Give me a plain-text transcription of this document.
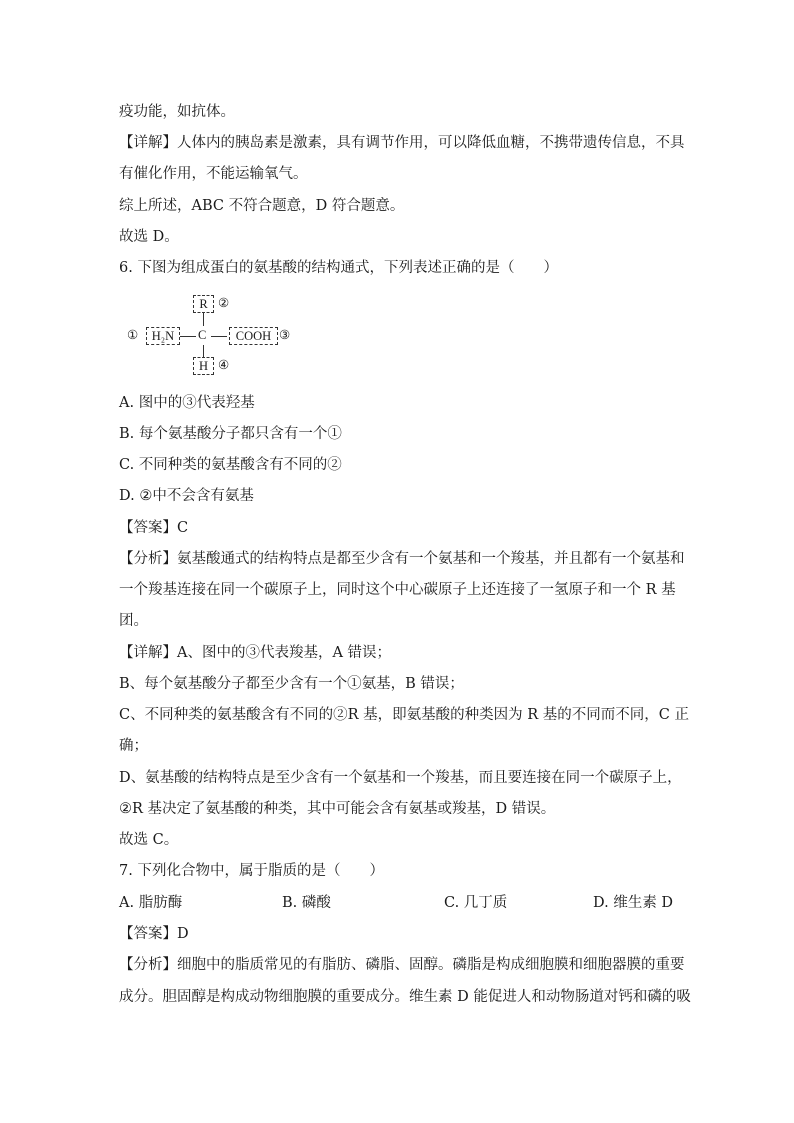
疫功能，如抗体。
【详解】人体内的胰岛素是激素，具有调节作用，可以降低血糖，不携带遗传信息，不具
有催化作用，不能运输氧气。
综上所述，ABC 不符合题意，D 符合题意。
故选 D。
6. 下图为组成蛋白的氨基酸的结构通式，下列表述正确的是（　　）
R ②
①	H₂N	C	COOH ③
H ④
A. 图中的③代表羟基
B. 每个氨基酸分子都只含有一个①
C. 不同种类的氨基酸含有不同的②
D. ②中不会含有氨基
【答案】C
【分析】氨基酸通式的结构特点是都至少含有一个氨基和一个羧基，并且都有一个氨基和
一个羧基连接在同一个碳原子上，同时这个中心碳原子上还连接了一氢原子和一个 R 基
团。
【详解】A、图中的③代表羧基，A 错误；
B、每个氨基酸分子都至少含有一个①氨基，B 错误；
C、不同种类的氨基酸含有不同的②R 基，即氨基酸的种类因为 R 基的不同而不同，C 正
确；
D、氨基酸的结构特点是至少含有一个氨基和一个羧基，而且要连接在同一个碳原子上，
②R 基决定了氨基酸的种类，其中可能会含有氨基或羧基，D 错误。
故选 C。
7. 下列化合物中，属于脂质的是（　　）
A. 脂肪酶	B. 磷酸	C. 几丁质	D. 维生素 D
【答案】D
【分析】细胞中的脂质常见的有脂肪、磷脂、固醇。磷脂是构成细胞膜和细胞器膜的重要
成分。胆固醇是构成动物细胞膜的重要成分。维生素 D 能促进人和动物肠道对钙和磷的吸
